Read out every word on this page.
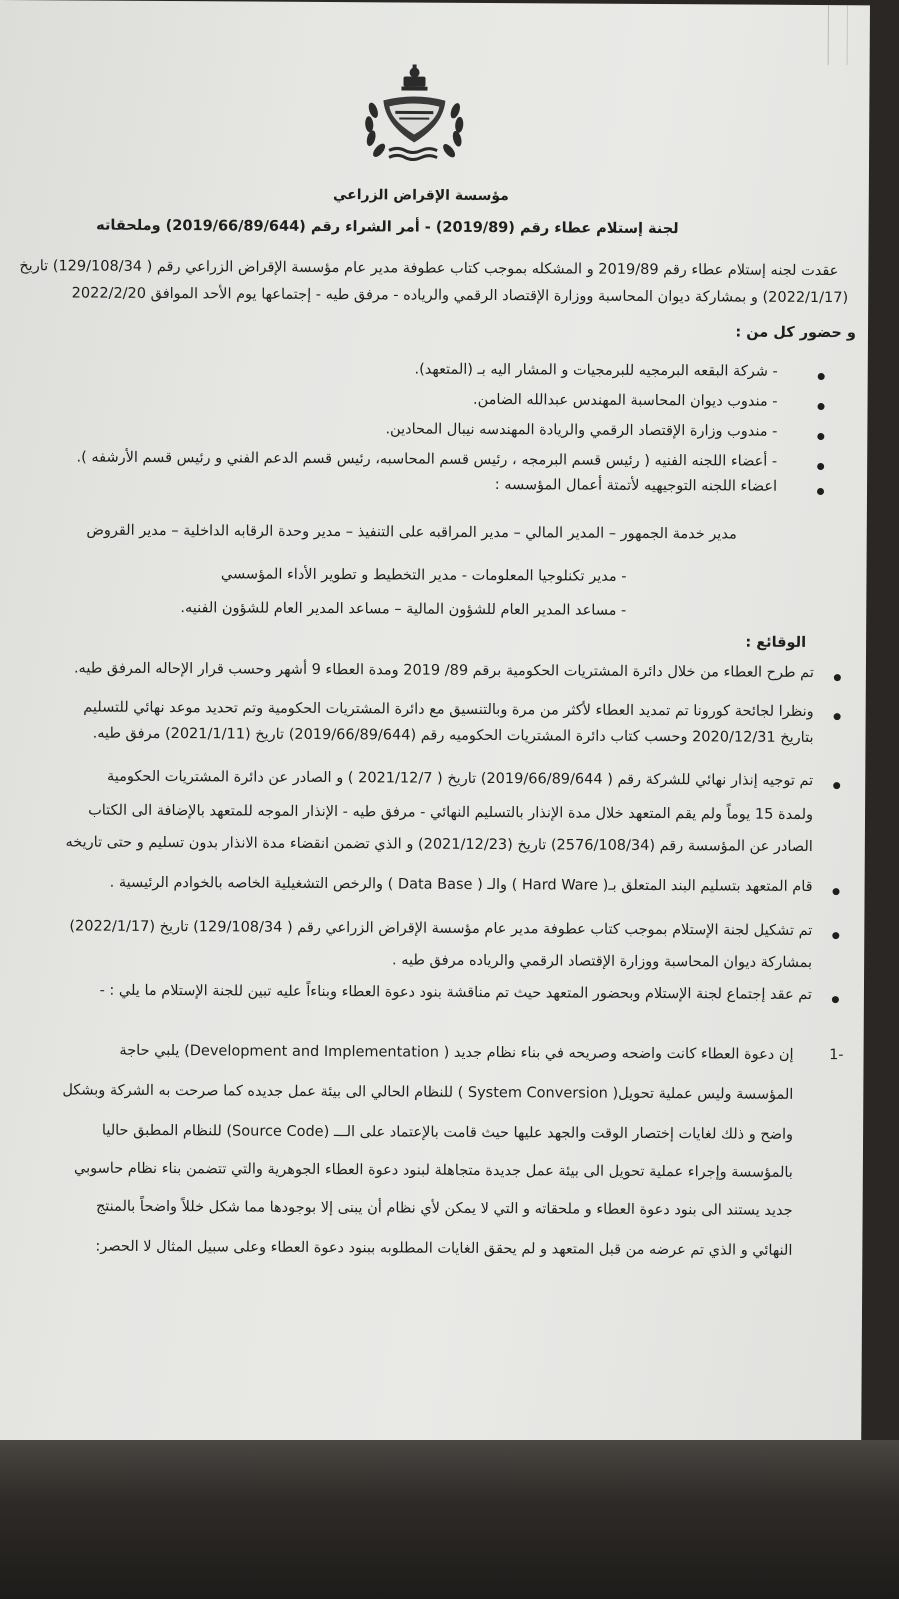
مؤسسة الإقراض الزراعي
لجنة إستلام عطاء رقم (2019/89) - أمر الشراء رقم (2019/66/89/644) وملحقاته
عقدت لجنه إستلام عطاء رقم 2019/89 و المشكله بموجب كتاب عطوفة مدير عام مؤسسة الإقراض الزراعي رقم ( 129/108/34) تاريخ
(2022/1/17) و بمشاركة ديوان المحاسبة ووزارة الإقتصاد الرقمي والرياده - مرفق طيه - إجتماعها يوم الأحد الموافق 2022/2/20
و حضور كل من :
- شركة البقعه البرمجيه للبرمجيات و المشار اليه بـ (المتعهد).
- مندوب ديوان المحاسبة المهندس عبدالله الضامن.
- مندوب وزارة الإقتصاد الرقمي والريادة المهندسه نيبال المحادين.
- أعضاء اللجنه الفنيه ( رئيس قسم البرمجه ، رئيس قسم المحاسبه، رئيس قسم الدعم الفني و رئيس قسم الأرشفه ).
اعضاء اللجنه التوجيهيه لأتمتة أعمال المؤسسه :
مدير خدمة الجمهور – المدير المالي – مدير المراقبه على التنفيذ – مدير وحدة الرقابه الداخلية – مدير القروض
- مدير تكنلوجيا المعلومات - مدير التخطيط و تطوير الأداء المؤسسي
- مساعد المدير العام للشؤون المالية – مساعد المدير العام للشؤون الفنيه.
الوقائع :
تم طرح العطاء من خلال دائرة المشتريات الحكومية برقم 89/ 2019 ومدة العطاء 9 أشهر وحسب قرار الإحاله المرفق طيه.
ونظرا لجائحة كورونا تم تمديد العطاء لأكثر من مرة وبالتنسيق مع دائرة المشتريات الحكومية وتم تحديد موعد نهائي للتسليم
بتاريخ 2020/12/31 وحسب كتاب دائرة المشتريات الحكوميه رقم (2019/66/89/644) تاريخ (2021/1/11) مرفق طيه.
تم توجيه إنذار نهائي للشركة رقم ( 2019/66/89/644) تاريخ ( 2021/12/7 ) و الصادر عن دائرة المشتريات الحكومية
ولمدة 15 يوماً ولم يقم المتعهد خلال مدة الإنذار بالتسليم النهائي - مرفق طيه - الإنذار الموجه للمتعهد بالإضافة الى الكتاب
الصادر عن المؤسسة رقم (2576/108/34) تاريخ (2021/12/23) و الذي تضمن انقضاء مدة الانذار بدون تسليم و حتى تاريخه
قام المتعهد بتسليم البند المتعلق بـ( Hard Ware ) والـ ( Data Base ) والرخص التشغيلية الخاصه بالخوادم الرئيسية .
تم تشكيل لجنة الإستلام بموجب كتاب عطوفة مدير عام مؤسسة الإقراض الزراعي رقم ( 129/108/34) تاريخ (2022/1/17)
بمشاركة ديوان المحاسبة ووزارة الإقتصاد الرقمي والرياده مرفق طيه .
تم عقد إجتماع لجنة الإستلام وبحضور المتعهد حيث تم مناقشة بنود دعوة العطاء وبناءاً عليه تبين للجنة الإستلام ما يلي : -
-1
إن دعوة العطاء كانت واضحه وصريحه في بناء نظام جديد ( Development and Implementation) يلبي حاجة
المؤسسة وليس عملية تحويل( System Conversion ) للنظام الحالي الى بيئة عمل جديده كما صرحت به الشركة وبشكل
واضح و ذلك لغايات إختصار الوقت والجهد عليها حيث قامت بالإعتماد على الـــ (Source Code) للنظام المطبق حاليا
بالمؤسسة وإجراء عملية تحويل الى بيئة عمل جديدة متجاهلة لبنود دعوة العطاء الجوهرية والتي تتضمن بناء نظام حاسوبي
جديد يستند الى بنود دعوة العطاء و ملحقاته و التي لا يمكن لأي نظام أن يبنى إلا بوجودها مما شكل خللاً واضحاً بالمنتج
النهائي و الذي تم عرضه من قبل المتعهد و لم يحقق الغايات المطلوبه ببنود دعوة العطاء وعلى سبيل المثال لا الحصر:
